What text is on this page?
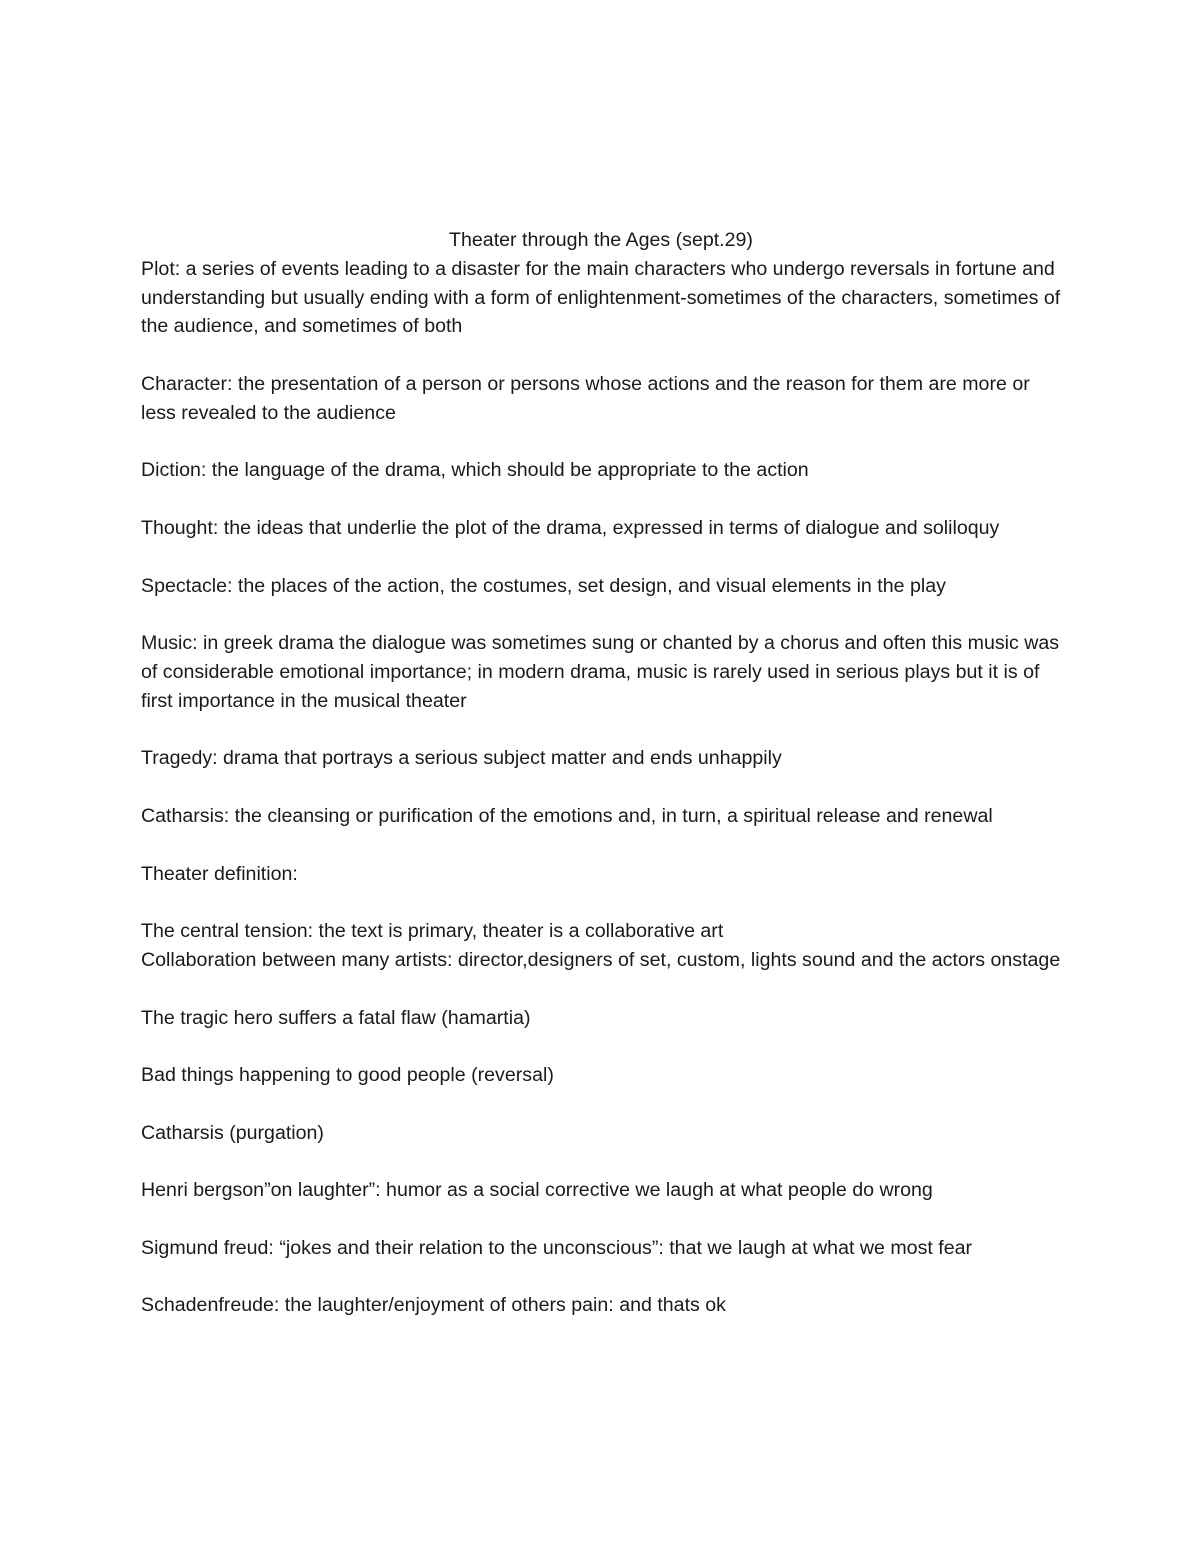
Theater through the Ages (sept.29)

Plot: a series of events leading to a disaster for the main characters who undergo reversals in fortune and understanding but usually ending with a form of enlightenment-sometimes of the characters, sometimes of the audience, and sometimes of both

Character: the presentation of a person or persons whose actions and the reason for them are more or less revealed to the audience

Diction: the language of the drama, which should be appropriate to the action

Thought: the ideas that underlie the plot of the drama, expressed in terms of dialogue and soliloquy

Spectacle: the places of the action, the costumes, set design, and visual elements in the play

Music: in greek drama the dialogue was sometimes sung or chanted by a chorus and often this music was of considerable emotional importance; in modern drama, music is rarely used in serious plays but it is of first importance in the musical theater

Tragedy: drama that portrays a serious subject matter and ends unhappily

Catharsis: the cleansing or purification of the emotions and, in turn, a spiritual release and renewal

Theater definition:

The central tension: the text is primary, theater is a collaborative art

Collaboration between many artists: director,designers of set, custom, lights sound and the actors onstage

The tragic hero suffers a fatal flaw (hamartia)

Bad things happening to good people (reversal)

Catharsis (purgation)

Henri bergson”on laughter”: humor as a social corrective we laugh at what people do wrong

Sigmund freud: “jokes and their relation to the unconscious”: that we laugh at what we most fear

Schadenfreude: the laughter/enjoyment of others pain: and thats ok
